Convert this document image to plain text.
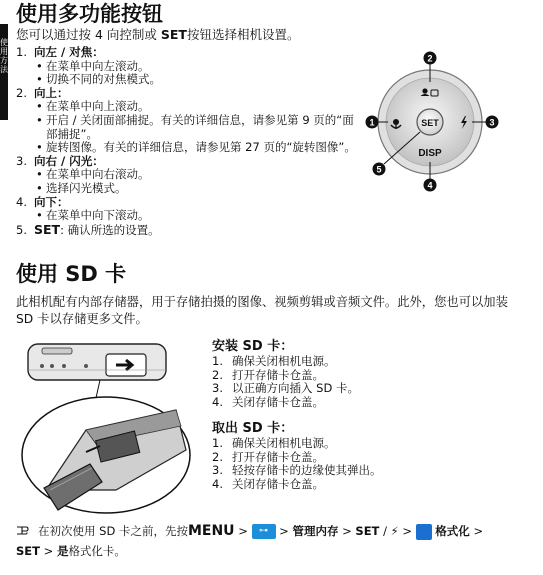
使用方法
使用多功能按钮
您可以通过按 4 向控制或 SET按钮选择相机设置。
1. 向左 / 对焦：
• 在菜单中向左滚动。
• 切换不同的对焦模式。
2. 向上：
• 在菜单中向上滚动。
• 开启 / 关闭面部捕捉。有关的详细信息，请参见第 9 页的“面部捕捉”。
• 旋转图像。有关的详细信息，请参见第 27 页的“旋转图像”。
3. 向右 / 闪光：
• 在菜单中向右滚动。
• 选择闪光模式。
4. 向下：
• 在菜单中向下滚动。
5. SET: 确认所选的设置。
SET
DISP
2
1	3
4
5
使用 SD 卡
此相机配有内部存储器，用于存储拍摄的图像、视频剪辑或音频文件。此外，您也可以加装 SD 卡以存储更多文件。
安装 SD 卡：
1. 确保关闭相机电源。
2. 打开存储卡仓盖。
3. 以正确方向插入 SD 卡。
4. 关闭存储卡仓盖。
取出 SD 卡：
1. 确保关闭相机电源。
2. 打开存储卡仓盖。
3. 轻按存储卡的边缘使其弹出。
4. 关闭存储卡仓盖。
在初次使用 SD 卡之前，先按MENU > ⊶ > 管理内存 > SET / ⚡ > 格式化 >
SET > 是格式化卡。
